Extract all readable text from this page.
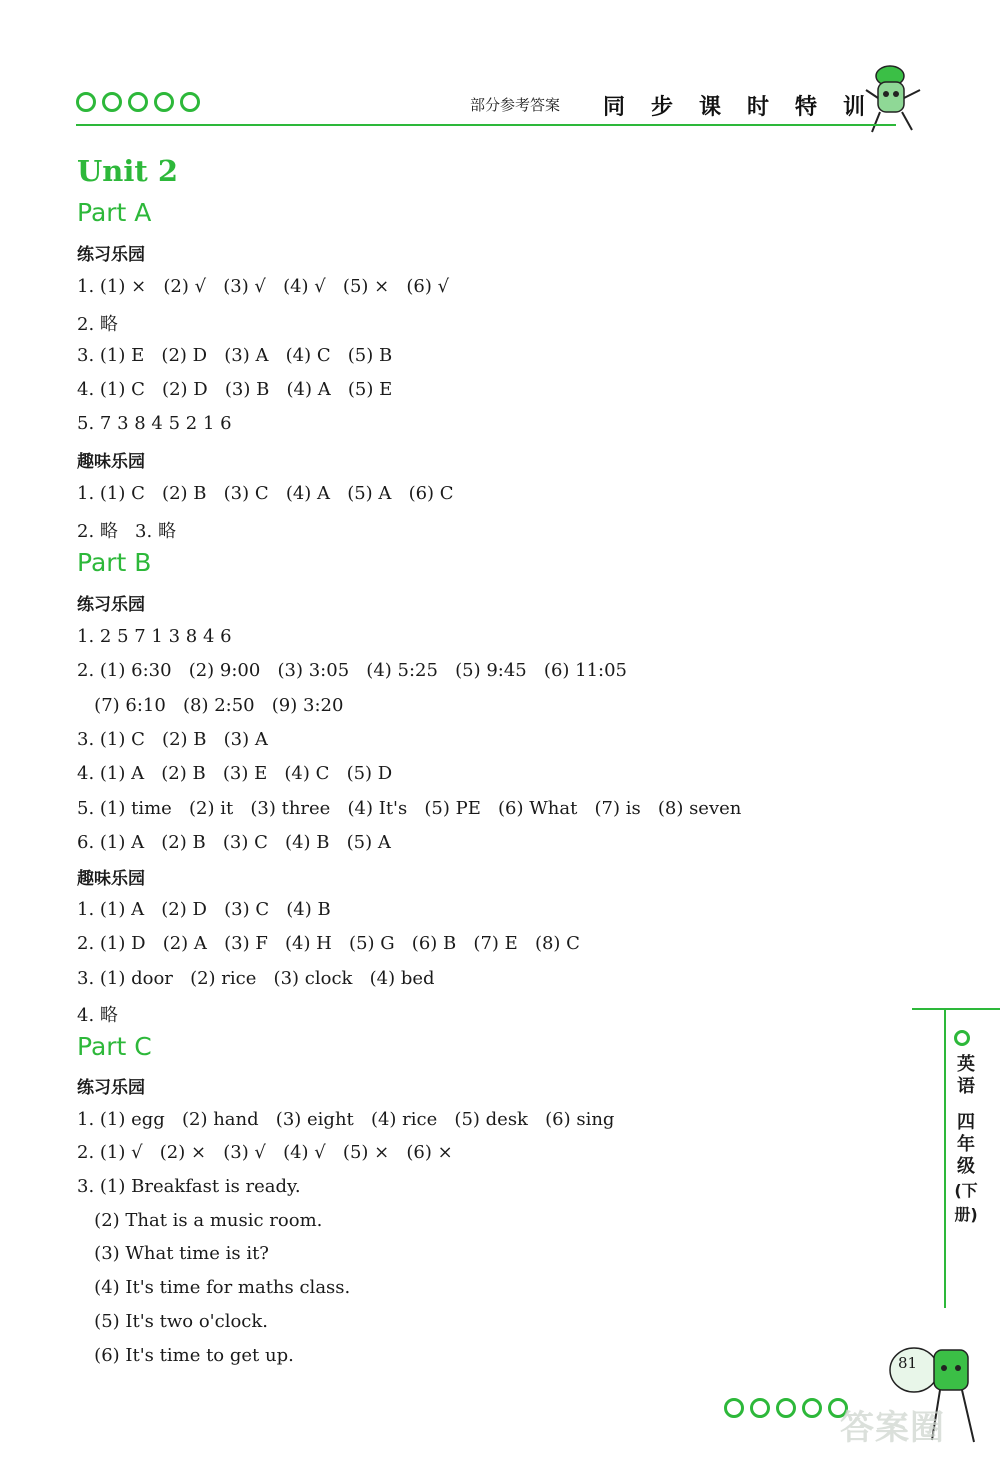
部分参考答案	同	步	课	时	特	训
Unit 2
Part A
练习乐园
1. (1) ×   (2) √   (3) √   (4) √   (5) ×   (6) √
2. 略
3. (1) E   (2) D   (3) A   (4) C   (5) B
4. (1) C   (2) D   (3) B   (4) A   (5) E
5. 7 3 8 4 5 2 1 6
趣味乐园
1. (1) C   (2) B   (3) C   (4) A   (5) A   (6) C
2. 略   3. 略
Part B
练习乐园
1. 2 5 7 1 3 8 4 6
2. (1) 6:30   (2) 9:00   (3) 3:05   (4) 5:25   (5) 9:45   (6) 11:05
(7) 6:10   (8) 2:50   (9) 3:20
3. (1) C   (2) B   (3) A
4. (1) A   (2) B   (3) E   (4) C   (5) D
5. (1) time   (2) it   (3) three   (4) It's   (5) PE   (6) What   (7) is   (8) seven
6. (1) A   (2) B   (3) C   (4) B   (5) A
趣味乐园
1. (1) A   (2) D   (3) C   (4) B
2. (1) D   (2) A   (3) F   (4) H   (5) G   (6) B   (7) E   (8) C
3. (1) door   (2) rice   (3) clock   (4) bed
4. 略
Part C
练习乐园
1. (1) egg   (2) hand   (3) eight   (4) rice   (5) desk   (6) sing
2. (1) √   (2) ×   (3) √   (4) √   (5) ×   (6) ×
3. (1) Breakfast is ready.
(2) That is a music room.
(3) What time is it?
(4) It's time for maths class.
(5) It's two o'clock.
(6) It's time to get up.
英
语
四
年
级
(下
册)
81
答案圈
